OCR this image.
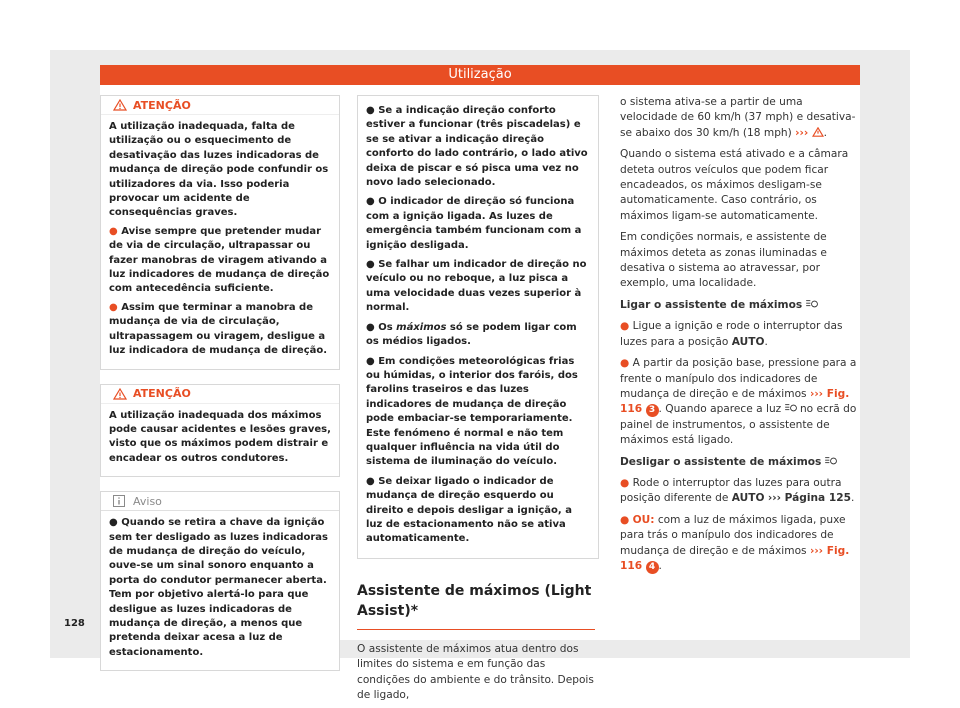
Utilização
ATENÇÃO

A utilização inadequada, falta de utilização ou o esquecimento de desativação das luzes indicadoras de mudança de direção pode confundir os utilizadores da via. Isso poderia provocar um acidente de consequências graves.

● Avise sempre que pretender mudar de via de circulação, ultrapassar ou fazer manobras de viragem ativando a luz indicadores de mudança de direção com antecedência suficiente.

● Assim que terminar a manobra de mudança de via de circulação, ultrapassagem ou viragem, desligue a luz indicadora de mudança de direção.

ATENÇÃO

A utilização inadequada dos máximos pode causar acidentes e lesões graves, visto que os máximos podem distrair e encadear os outros condutores.

Aviso

● Quando se retira a chave da ignição sem ter desligado as luzes indicadoras de mudança de direção do veículo, ouve-se um sinal sonoro enquanto a porta do condutor permanecer aberta. Tem por objetivo alertá-lo para que desligue as luzes indicadoras de mudança de direção, a menos que pretenda deixar acesa a luz de estacionamento.

● Se a indicação direção conforto estiver a funcionar (três piscadelas) e se se ativar a indicação direção conforto do lado contrário, o lado ativo deixa de piscar e só pisca uma vez no novo lado selecionado.

● O indicador de direção só funciona com a ignição ligada. As luzes de emergência também funcionam com a ignição desligada.

● Se falhar um indicador de direção no veículo ou no reboque, a luz pisca a uma velocidade duas vezes superior à normal.

● Os máximos só se podem ligar com os médios ligados.

● Em condições meteorológicas frias ou húmidas, o interior dos faróis, dos farolins traseiros e das luzes indicadores de mudança de direção pode embaciar-se temporariamente. Este fenómeno é normal e não tem qualquer influência na vida útil do sistema de iluminação do veículo.

● Se deixar ligado o indicador de mudança de direção esquerdo ou direito e depois desligar a ignição, a luz de estacionamento não se ativa automaticamente.

Assistente de máximos (Light Assist)*

O assistente de máximos atua dentro dos limites do sistema e em função das condições do ambiente e do trânsito. Depois de ligado,

o sistema ativa-se a partir de uma velocidade de 60 km/h (37 mph) e desativa-se abaixo dos 30 km/h (18 mph) ››› .

Quando o sistema está ativado e a câmara deteta outros veículos que podem ficar encadeados, os máximos desligam-se automaticamente. Caso contrário, os máximos ligam-se automaticamente.

Em condições normais, e assistente de máximos deteta as zonas iluminadas e desativa o sistema ao atravessar, por exemplo, uma localidade.

Ligar o assistente de máximos

● Ligue a ignição e rode o interruptor das luzes para a posição AUTO.

● A partir da posição base, pressione para a frente o manípulo dos indicadores de mudança de direção e de máximos ››› Fig. 116 3 . Quando aparece a luz no ecrã do painel de instrumentos, o assistente de máximos está ligado.

Desligar o assistente de máximos

● Rode o interruptor das luzes para outra posição diferente de AUTO ››› Página 125.

● OU: com a luz de máximos ligada, puxe para trás o manípulo dos indicadores de mudança de direção e de máximos ››› Fig. 116 4 .

128
